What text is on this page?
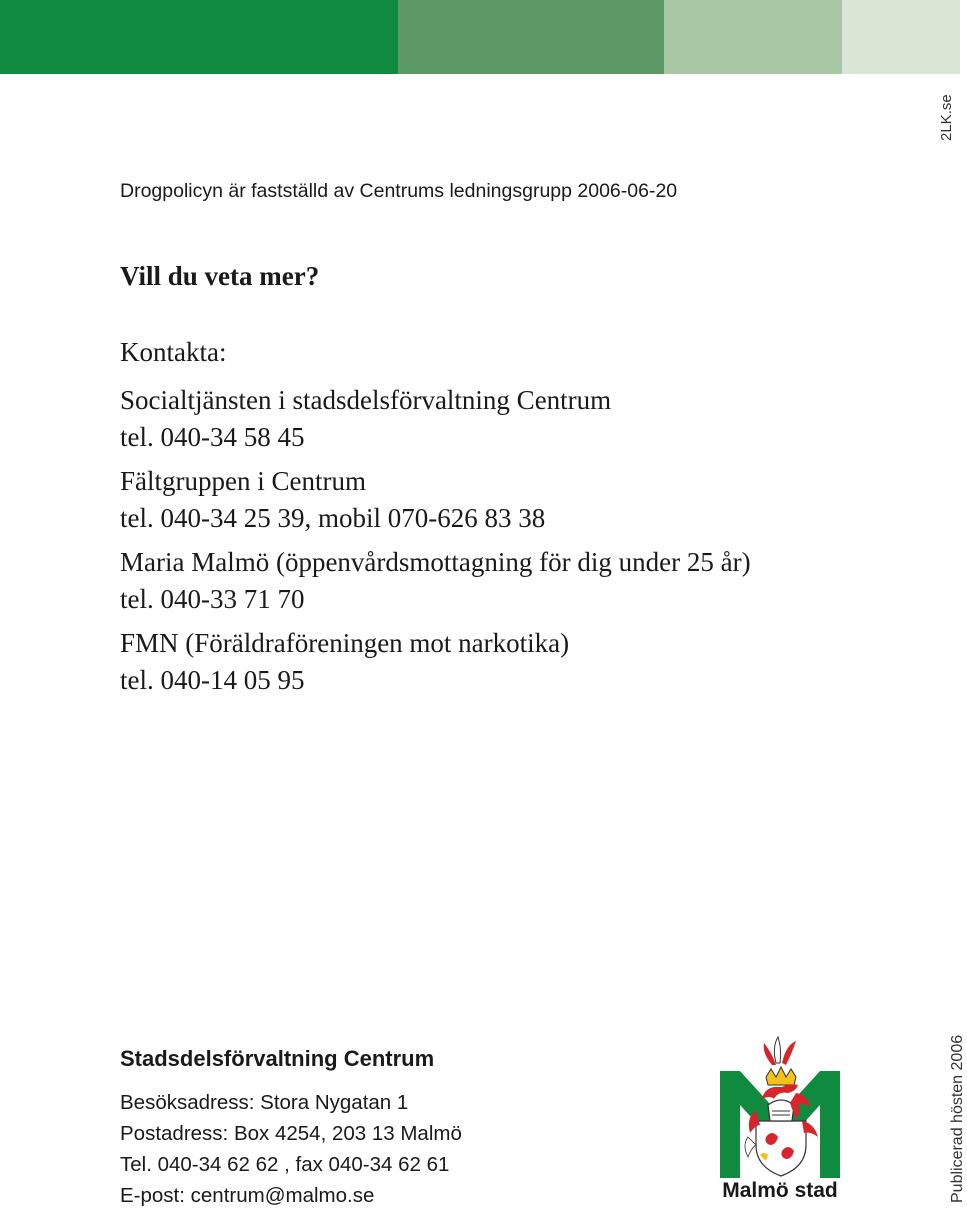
2LK.se
Drogpolicyn är fastställd av Centrums ledningsgrupp 2006-06-20
Vill du veta mer?
Kontakta:
Socialtjänsten i stadsdelsförvaltning Centrum
tel. 040-34 58 45
Fältgruppen i Centrum
tel. 040-34 25 39, mobil 070-626 83 38
Maria Malmö (öppenvårdsmottagning för dig under 25 år)
tel. 040-33 71 70
FMN (Föräldraföreningen mot narkotika)
tel. 040-14 05 95
Stadsdelsförvaltning Centrum
Besöksadress: Stora Nygatan 1
Postadress: Box 4254, 203 13 Malmö
Tel. 040-34 62 62 , fax 040-34 62 61
E-post: centrum@malmo.se	Malmö stad	Publicerad hösten 2006
